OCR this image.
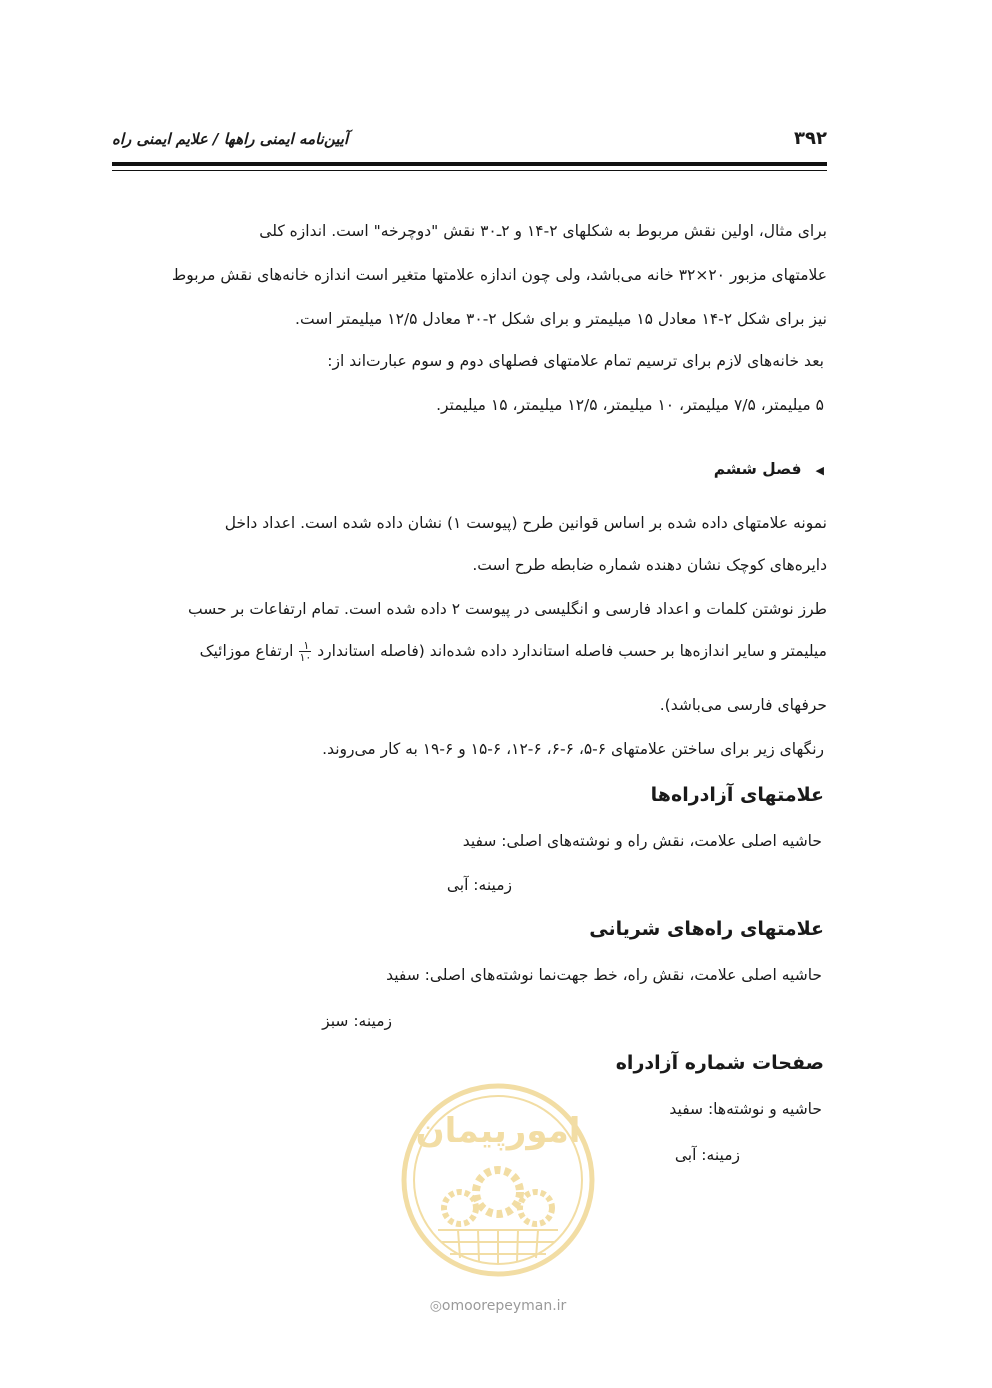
۳۹۲
آیین‌نامه ایمنی راهها / علایم ایمنی راه

برای مثال، اولین نقش مربوط به شکلهای ۲-۱۴ و ۲ـ۳۰ نقش "دوچرخه" است. اندازه کلی

علامتهای مزبور ۲۰×۳۲ خانه می‌باشد، ولی چون اندازه علامتها متغیر است اندازه خانه‌های نقش مربوط

نیز برای شکل ۲-۱۴ معادل ۱۵ میلیمتر و برای شکل ۲-۳۰ معادل ۱۲/۵ میلیمتر است.

بعد خانه‌های لازم برای ترسیم تمام علامتهای فصلهای دوم و سوم عبارت‌اند از:

۵ میلیمتر، ۷/۵ میلیمتر، ۱۰ میلیمتر، ۱۲/۵ میلیمتر، ۱۵ میلیمتر.

◀فصل ششم

نمونه علامتهای داده شده بر اساس قوانین طرح (پیوست ۱) نشان داده شده است. اعداد داخل

دایره‌های کوچک نشان دهنده شماره ضابطه طرح است.

طرز نوشتن کلمات و اعداد فارسی و انگلیسی در پیوست ۲ داده شده است. تمام ارتفاعات بر حسب

میلیمتر و سایر اندازه‌ها بر حسب فاصله استاندارد داده شده‌اند (فاصله استاندارد
$\frac{۱}{۱۰}$
ارتفاع موزائیک

حرفهای فارسی می‌باشد).

رنگهای زیر برای ساختن علامتهای ۶-۵، ۶-۶، ۶-۱۲، ۶-۱۵ و ۶-۱۹ به کار می‌روند.

علامتهای آزادراه‌ها

حاشیه اصلی علامت، نقش راه و نوشته‌های اصلی: سفید

زمینه: آبی

علامتهای راه‌های شریانی

حاشیه اصلی علامت، نقش راه، خط جهت‌نما نوشته‌های اصلی: سفید

زمینه: سبز

صفحات شماره آزادراه

حاشیه و نوشته‌ها: سفید

زمینه: آبی

امورپیمان
◎omoorepeyman.ir
